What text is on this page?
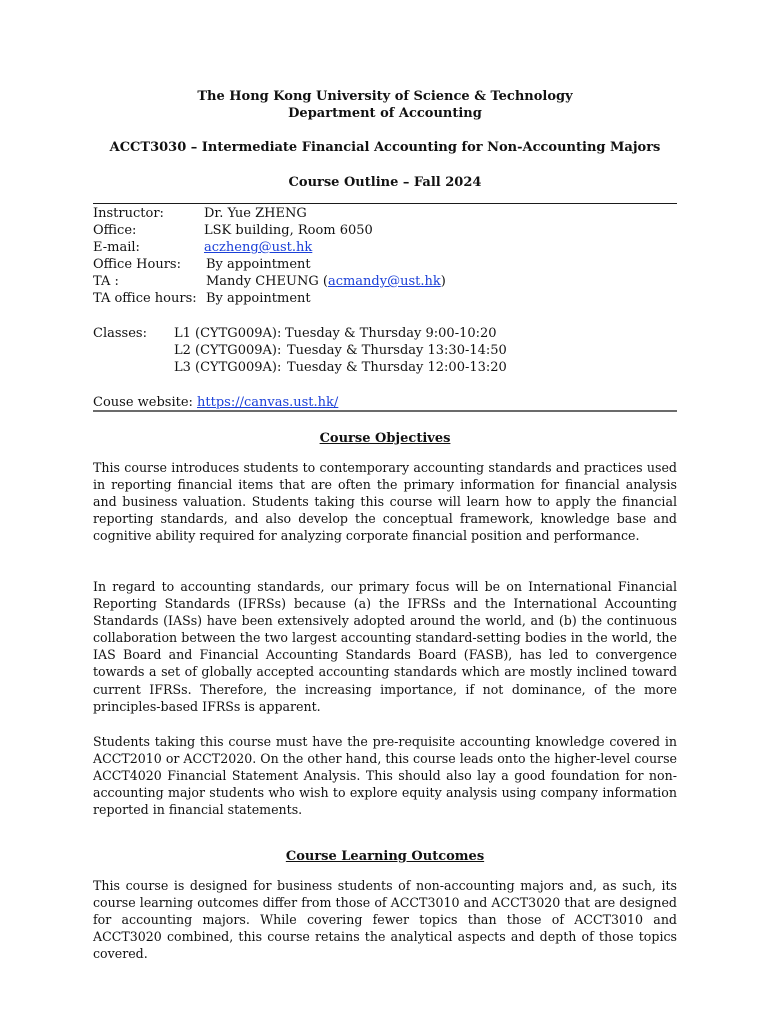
The Hong Kong University of Science & Technology
Department of Accounting
ACCT3030 – Intermediate Financial Accounting for Non-Accounting Majors
Course Outline – Fall 2024
Instructor:	Dr. Yue ZHENG
Office:	LSK building, Room 6050
E-mail:	aczheng@ust.hk
Office Hours: By appointment
TA :	Mandy CHEUNG (acmandy@ust.hk)
TA office hours: By appointment
Classes: L1 (CYTG009A): Tuesday & Thursday 9:00-10:20
L2 (CYTG009A): Tuesday & Thursday 13:30-14:50
L3 (CYTG009A): Tuesday & Thursday 12:00-13:20
Couse website: https://canvas.ust.hk/
Course Objectives

This course introduces students to contemporary accounting standards and practices used in reporting financial items that are often the primary information for financial analysis and business valuation. Students taking this course will learn how to apply the financial reporting standards, and also develop the conceptual framework, knowledge base and cognitive ability required for analyzing corporate financial position and performance.

In regard to accounting standards, our primary focus will be on International Financial Reporting Standards (IFRSs) because (a) the IFRSs and the International Accounting Standards (IASs) have been extensively adopted around the world, and (b) the continuous collaboration between the two largest accounting standard-setting bodies in the world, the IAS Board and Financial Accounting Standards Board (FASB), has led to convergence towards a set of globally accepted accounting standards which are mostly inclined toward current IFRSs. Therefore, the increasing importance, if not dominance, of the more principles-based IFRSs is apparent.

Students taking this course must have the pre-requisite accounting knowledge covered in ACCT2010 or ACCT2020. On the other hand, this course leads onto the higher-level course ACCT4020 Financial Statement Analysis. This should also lay a good foundation for non-accounting major students who wish to explore equity analysis using company information reported in financial statements.

Course Learning Outcomes

This course is designed for business students of non-accounting majors and, as such, its course learning outcomes differ from those of ACCT3010 and ACCT3020 that are designed for accounting majors. While covering fewer topics than those of ACCT3010 and ACCT3020 combined, this course retains the analytical aspects and depth of those topics covered.
